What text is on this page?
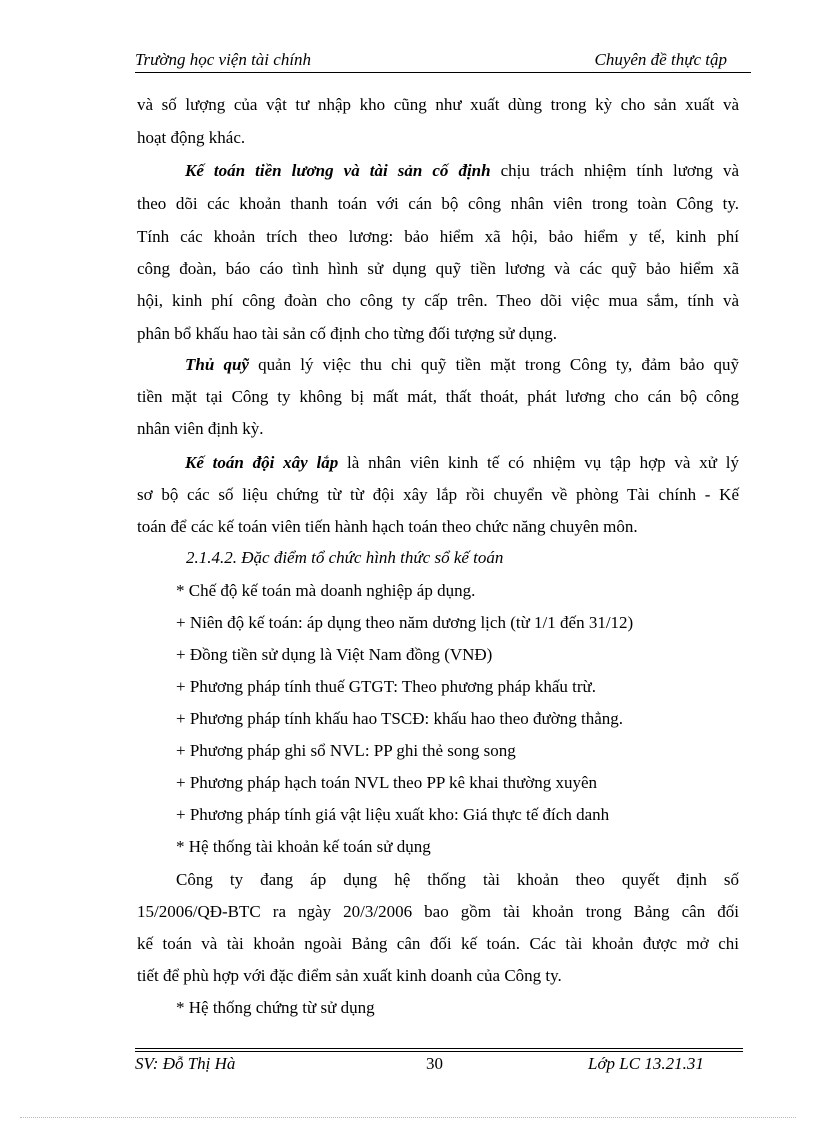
Trường học viện tài chính	Chuyên đề thực tập
và số lượng của vật tư nhập kho cũng như xuất dùng trong kỳ cho sản xuất và
hoạt động khác.
Kế toán tiền lương và tài sản cố định chịu trách nhiệm tính lương và
theo dõi các khoản thanh toán với cán bộ công nhân viên trong toàn Công ty.
Tính các khoản trích theo lương: bảo hiểm xã hội, bảo hiểm y tế, kinh phí
công đoàn, báo cáo tình hình sử dụng quỹ tiền lương và các quỹ bảo hiểm xã
hội, kinh phí công đoàn cho công ty cấp trên. Theo dõi việc mua sắm, tính và
phân bổ khấu hao tài sản cố định cho từng đối tượng sử dụng.
Thủ quỹ quản lý việc thu chi quỹ tiền mặt trong Công ty, đảm bảo quỹ
tiền mặt tại Công ty không bị mất mát, thất thoát, phát lương cho cán bộ công
nhân viên định kỳ.
Kế toán đội xây lắp là nhân viên kinh tế có nhiệm vụ tập hợp và xử lý
sơ bộ các số liệu chứng từ từ đội xây lắp rồi chuyển về phòng Tài chính - Kế
toán để các kế toán viên tiến hành hạch toán theo chức năng chuyên môn.
2.1.4.2. Đặc điểm tổ chức hình thức sổ kế toán
* Chế độ kế toán mà doanh nghiệp áp dụng.
+ Niên độ kế toán: áp dụng theo năm dương lịch (từ 1/1 đến 31/12)
+ Đồng tiền sử dụng là Việt Nam đồng (VNĐ)
+ Phương pháp tính thuế GTGT: Theo phương pháp khấu trừ.
+ Phương pháp tính khấu hao TSCĐ: khấu hao theo đường thẳng.
+ Phương pháp ghi sổ NVL: PP ghi thẻ song song
+ Phương pháp hạch toán NVL theo PP kê khai thường xuyên
+ Phương pháp tính giá vật liệu xuất kho: Giá thực tế đích danh
* Hệ thống tài khoản kế toán sử dụng
Công ty đang áp dụng hệ thống tài khoản theo quyết định số
15/2006/QĐ-BTC ra ngày 20/3/2006 bao gồm tài khoản trong Bảng cân đối
kế toán và tài khoản ngoài Bảng cân đối kế toán. Các tài khoản được mở chi
tiết để phù hợp với đặc điểm sản xuất kinh doanh của Công ty.
* Hệ thống chứng từ sử dụng
SV: Đỗ Thị Hà	30	Lớp LC 13.21.31
